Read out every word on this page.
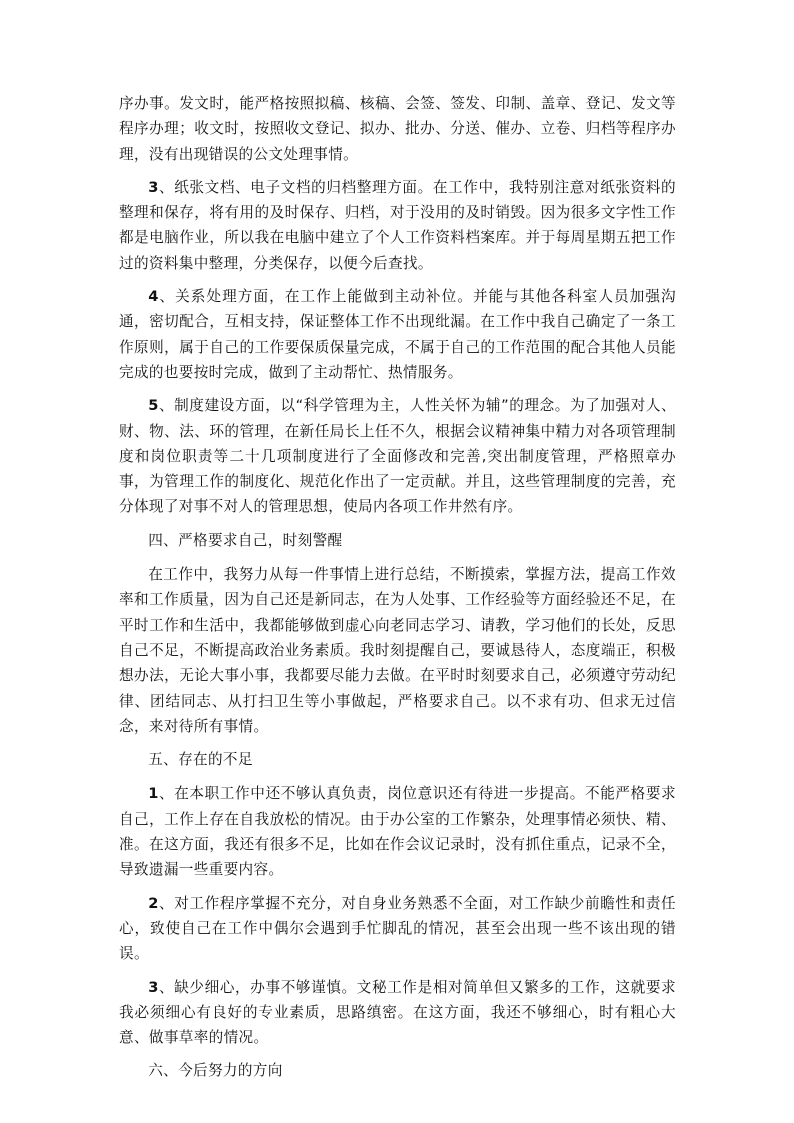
序办事。发文时，能严格按照拟稿、核稿、会签、签发、印制、盖章、登记、发文等程序办理；收文时，按照收文登记、拟办、批办、分送、催办、立卷、归档等程序办理，没有出现错误的公文处理事情。

3、纸张文档、电子文档的归档整理方面。在工作中，我特别注意对纸张资料的整理和保存，将有用的及时保存、归档，对于没用的及时销毁。因为很多文字性工作都是电脑作业，所以我在电脑中建立了个人工作资料档案库。并于每周星期五把工作过的资料集中整理，分类保存，以便今后查找。

4、关系处理方面，在工作上能做到主动补位。并能与其他各科室人员加强沟通，密切配合，互相支持，保证整体工作不出现纰漏。在工作中我自己确定了一条工作原则，属于自己的工作要保质保量完成，不属于自己的工作范围的配合其他人员能完成的也要按时完成，做到了主动帮忙、热情服务。

5、制度建设方面，以“科学管理为主，人性关怀为辅”的理念。为了加强对人、财、物、法、环的管理，在新任局长上任不久，根据会议精神集中精力对各项管理制度和岗位职责等二十几项制度进行了全面修改和完善,突出制度管理，严格照章办事，为管理工作的制度化、规范化作出了一定贡献。并且，这些管理制度的完善，充分体现了对事不对人的管理思想，使局内各项工作井然有序。

四、严格要求自己，时刻警醒

在工作中，我努力从每一件事情上进行总结，不断摸索，掌握方法，提高工作效率和工作质量，因为自己还是新同志，在为人处事、工作经验等方面经验还不足，在平时工作和生活中，我都能够做到虚心向老同志学习、请教，学习他们的长处，反思自己不足，不断提高政治业务素质。我时刻提醒自己，要诚恳待人，态度端正，积极想办法，无论大事小事，我都要尽能力去做。在平时时刻要求自己，必须遵守劳动纪律、团结同志、从打扫卫生等小事做起，严格要求自己。以不求有功、但求无过信念，来对待所有事情。

五、存在的不足

1、在本职工作中还不够认真负责，岗位意识还有待进一步提高。不能严格要求自己，工作上存在自我放松的情况。由于办公室的工作繁杂，处理事情必须快、精、准。在这方面，我还有很多不足，比如在作会议记录时，没有抓住重点，记录不全，导致遗漏一些重要内容。

2、对工作程序掌握不充分，对自身业务熟悉不全面，对工作缺少前瞻性和责任心，致使自己在工作中偶尔会遇到手忙脚乱的情况，甚至会出现一些不该出现的错误。

3、缺少细心，办事不够谨慎。文秘工作是相对简单但又繁多的工作，这就要求我必须细心有良好的专业素质，思路缜密。在这方面，我还不够细心，时有粗心大意、做事草率的情况。

六、今后努力的方向
